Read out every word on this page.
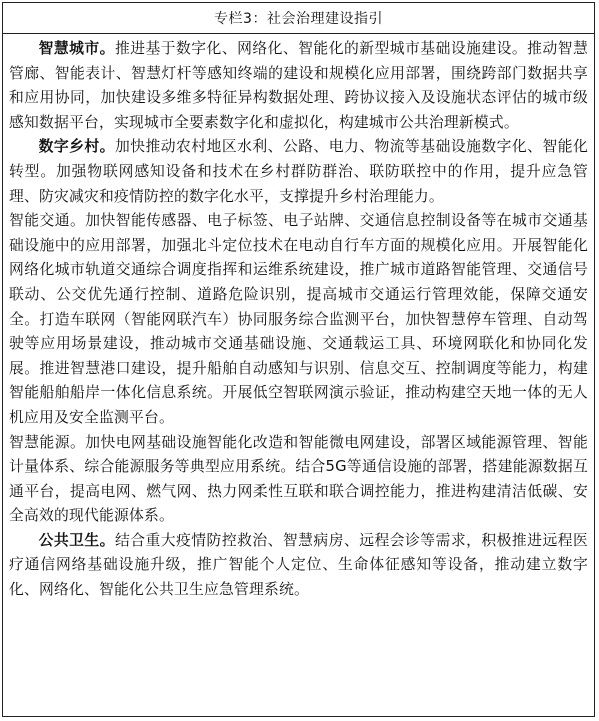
专栏3：社会治理建设指引

智慧城市。推进基于数字化、网络化、智能化的新型城市基础设施建设。推动智慧管廊、智能表计、智慧灯杆等感知终端的建设和规模化应用部署，围绕跨部门数据共享和应用协同，加快建设多维多特征异构数据处理、跨协议接入及设施状态评估的城市级感知数据平台，实现城市全要素数字化和虚拟化，构建城市公共治理新模式。

数字乡村。加快推动农村地区水利、公路、电力、物流等基础设施数字化、智能化转型。加强物联网感知设备和技术在乡村群防群治、联防联控中的作用，提升应急管理、防灾减灾和疫情防控的数字化水平，支撑提升乡村治理能力。

智能交通。加快智能传感器、电子标签、电子站牌、交通信息控制设备等在城市交通基础设施中的应用部署，加强北斗定位技术在电动自行车方面的规模化应用。开展智能化网络化城市轨道交通综合调度指挥和运维系统建设，推广城市道路智能管理、交通信号联动、公交优先通行控制、道路危险识别，提高城市交通运行管理效能，保障交通安全。打造车联网（智能网联汽车）协同服务综合监测平台，加快智慧停车管理、自动驾驶等应用场景建设，推动城市交通基础设施、交通载运工具、环境网联化和协同化发展。推进智慧港口建设，提升船舶自动感知与识别、信息交互、控制调度等能力，构建智能船舶船岸一体化信息系统。开展低空智联网演示验证，推动构建空天地一体的无人机应用及安全监测平台。

智慧能源。加快电网基础设施智能化改造和智能微电网建设，部署区域能源管理、智能计量体系、综合能源服务等典型应用系统。结合5G等通信设施的部署，搭建能源数据互通平台，提高电网、燃气网、热力网柔性互联和联合调控能力，推进构建清洁低碳、安全高效的现代能源体系。

公共卫生。结合重大疫情防控救治、智慧病房、远程会诊等需求，积极推进远程医疗通信网络基础设施升级，推广智能个人定位、生命体征感知等设备，推动建立数字化、网络化、智能化公共卫生应急管理系统。
